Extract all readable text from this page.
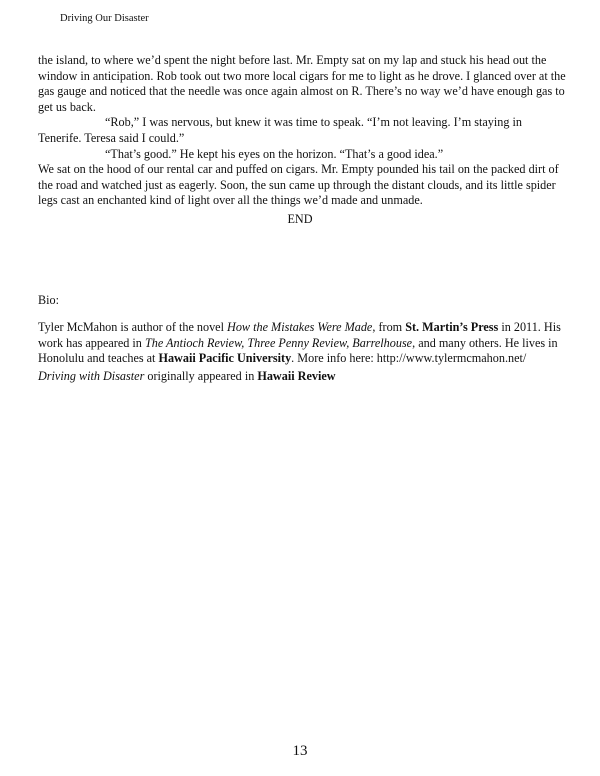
Driving Our Disaster

the island, to where we’d spent the night before last. Mr. Empty sat on my lap and stuck his head out the window in anticipation. Rob took out two more local cigars for me to light as he drove. I glanced over at the gas gauge and noticed that the needle was once again almost on R. There’s no way we’d have enough gas to get us back.

“Rob,” I was nervous, but knew it was time to speak. “I’m not leaving. I’m staying in Tenerife. Teresa said I could.”

“That’s good.” He kept his eyes on the horizon. “That’s a good idea.”

We sat on the hood of our rental car and puffed on cigars. Mr. Empty pounded his tail on the packed dirt of the road and watched just as eagerly. Soon, the sun came up through the distant clouds, and its little spider legs cast an enchanted kind of light over all the things we’d made and unmade.

END
Bio:

Tyler McMahon is author of the novel How the Mistakes Were Made, from St. Martin’s Press in 2011. His work has appeared in The Antioch Review, Three Penny Review, Barrelhouse, and many others. He lives in Honolulu and teaches at Hawaii Pacific University. More info here: http://www.tylermcmahon.net/

Driving with Disaster originally appeared in Hawaii Review

13
